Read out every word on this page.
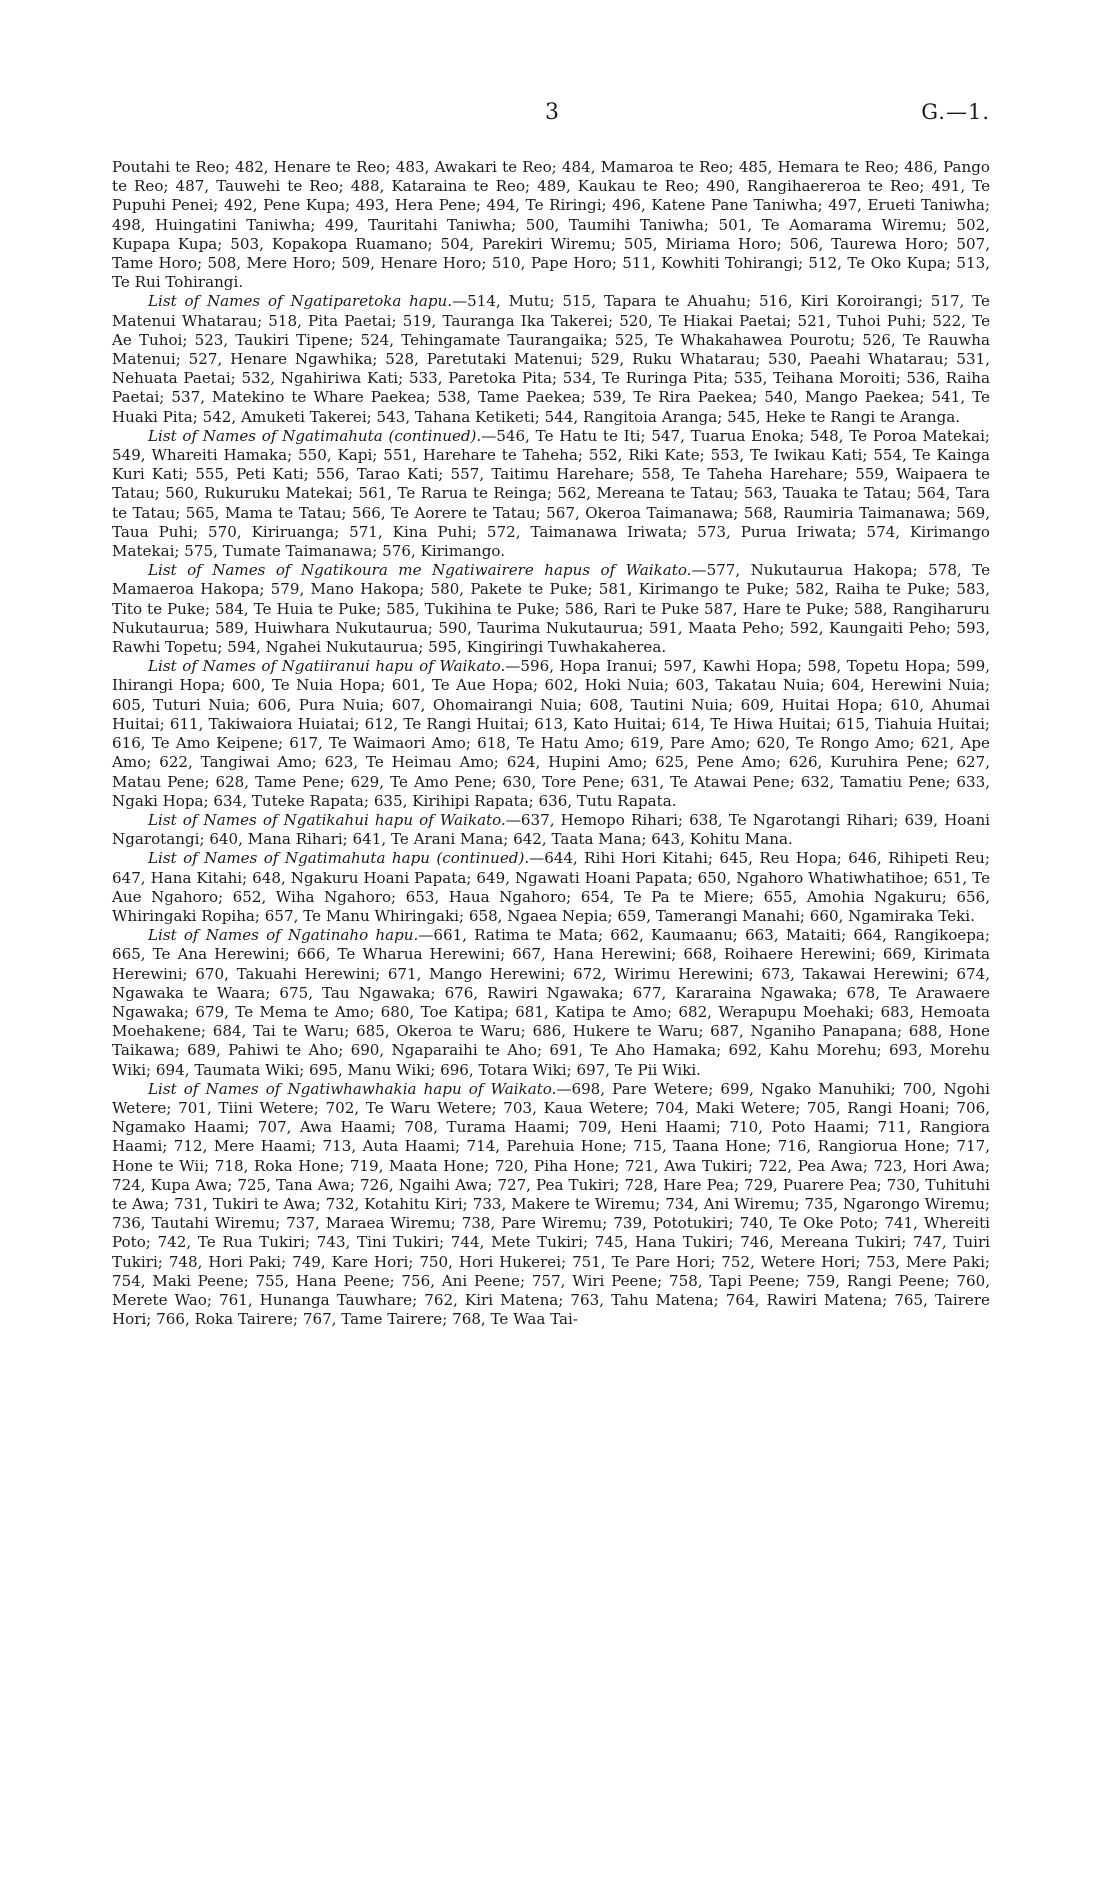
3	G.—1.

Poutahi te Reo; 482, Henare te Reo; 483, Awakari te Reo; 484, Mamaroa te Reo; 485, Hemara te Reo; 486, Pango te Reo; 487, Tauwehi te Reo; 488, Kataraina te Reo; 489, Kaukau te Reo; 490, Rangihaereroa te Reo; 491, Te Pupuhi Penei; 492, Pene Kupa; 493, Hera Pene; 494, Te Riringi; 496, Katene Pane Taniwha; 497, Erueti Taniwha; 498, Huingatini Taniwha; 499, Tauritahi Taniwha; 500, Taumihi Taniwha; 501, Te Aomarama Wiremu; 502, Kupapa Kupa; 503, Kopakopa Ruamano; 504, Parekiri Wiremu; 505, Miriama Horo; 506, Taurewa Horo; 507, Tame Horo; 508, Mere Horo; 509, Henare Horo; 510, Pape Horo; 511, Kowhiti Tohirangi; 512, Te Oko Kupa; 513, Te Rui Tohirangi.

List of Names of Ngatiparetoka hapu.—514, Mutu; 515, Tapara te Ahuahu; 516, Kiri Koroirangi; 517, Te Matenui Whatarau; 518, Pita Paetai; 519, Tauranga Ika Takerei; 520, Te Hiakai Paetai; 521, Tuhoi Puhi; 522, Te Ae Tuhoi; 523, Taukiri Tipene; 524, Tehingamate Taurangaika; 525, Te Whakahawea Pourotu; 526, Te Rauwha Matenui; 527, Henare Ngawhika; 528, Paretutaki Matenui; 529, Ruku Whatarau; 530, Paeahi Whatarau; 531, Nehuata Paetai; 532, Ngahiriwa Kati; 533, Paretoka Pita; 534, Te Ruringa Pita; 535, Teihana Moroiti; 536, Raiha Paetai; 537, Matekino te Whare Paekea; 538, Tame Paekea; 539, Te Rira Paekea; 540, Mango Paekea; 541, Te Huaki Pita; 542, Amuketi Takerei; 543, Tahana Ketiketi; 544, Rangitoia Aranga; 545, Heke te Rangi te Aranga.

List of Names of Ngatimahuta (continued).—546, Te Hatu te Iti; 547, Tuarua Enoka; 548, Te Poroa Matekai; 549, Whareiti Hamaka; 550, Kapi; 551, Harehare te Taheha; 552, Riki Kate; 553, Te Iwikau Kati; 554, Te Kainga Kuri Kati; 555, Peti Kati; 556, Tarao Kati; 557, Taitimu Harehare; 558, Te Taheha Harehare; 559, Waipaera te Tatau; 560, Rukuruku Matekai; 561, Te Rarua te Reinga; 562, Mereana te Tatau; 563, Tauaka te Tatau; 564, Tara te Tatau; 565, Mama te Tatau; 566, Te Aorere te Tatau; 567, Okeroa Taimanawa; 568, Raumiria Taimanawa; 569, Taua Puhi; 570, Kiriruanga; 571, Kina Puhi; 572, Taimanawa Iriwata; 573, Purua Iriwata; 574, Kirimango Matekai; 575, Tumate Taimanawa; 576, Kirimango.

List of Names of Ngatikoura me Ngatiwairere hapus of Waikato.—577, Nukutaurua Hakopa; 578, Te Mamaeroa Hakopa; 579, Mano Hakopa; 580, Pakete te Puke; 581, Kirimango te Puke; 582, Raiha te Puke; 583, Tito te Puke; 584, Te Huia te Puke; 585, Tukihina te Puke; 586, Rari te Puke 587, Hare te Puke; 588, Rangiharuru Nukutaurua; 589, Huiwhara Nukutaurua; 590, Taurima Nukutaurua; 591, Maata Peho; 592, Kaungaiti Peho; 593, Rawhi Topetu; 594, Ngahei Nukutaurua; 595, Kingiringi Tuwhakaherea.

List of Names of Ngatiiranui hapu of Waikato.—596, Hopa Iranui; 597, Kawhi Hopa; 598, Topetu Hopa; 599, Ihirangi Hopa; 600, Te Nuia Hopa; 601, Te Aue Hopa; 602, Hoki Nuia; 603, Takatau Nuia; 604, Herewini Nuia; 605, Tuturi Nuia; 606, Pura Nuia; 607, Ohomairangi Nuia; 608, Tautini Nuia; 609, Huitai Hopa; 610, Ahumai Huitai; 611, Takiwaiora Huiatai; 612, Te Rangi Huitai; 613, Kato Huitai; 614, Te Hiwa Huitai; 615, Tiahuia Huitai; 616, Te Amo Keipene; 617, Te Waimaori Amo; 618, Te Hatu Amo; 619, Pare Amo; 620, Te Rongo Amo; 621, Ape Amo; 622, Tangiwai Amo; 623, Te Heimau Amo; 624, Hupini Amo; 625, Pene Amo; 626, Kuruhira Pene; 627, Matau Pene; 628, Tame Pene; 629, Te Amo Pene; 630, Tore Pene; 631, Te Atawai Pene; 632, Tamatiu Pene; 633, Ngaki Hopa; 634, Tuteke Rapata; 635, Kirihipi Rapata; 636, Tutu Rapata.

List of Names of Ngatikahui hapu of Waikato.—637, Hemopo Rihari; 638, Te Ngarotangi Rihari; 639, Hoani Ngarotangi; 640, Mana Rihari; 641, Te Arani Mana; 642, Taata Mana; 643, Kohitu Mana.

List of Names of Ngatimahuta hapu (continued).—644, Rihi Hori Kitahi; 645, Reu Hopa; 646, Rihipeti Reu; 647, Hana Kitahi; 648, Ngakuru Hoani Papata; 649, Ngawati Hoani Papata; 650, Ngahoro Whatiwhatihoe; 651, Te Aue Ngahoro; 652, Wiha Ngahoro; 653, Haua Ngahoro; 654, Te Pa te Miere; 655, Amohia Ngakuru; 656, Whiringaki Ropiha; 657, Te Manu Whiringaki; 658, Ngaea Nepia; 659, Tamerangi Manahi; 660, Ngamiraka Teki.

List of Names of Ngatinaho hapu.—661, Ratima te Mata; 662, Kaumaanu; 663, Mataiti; 664, Rangikoepa; 665, Te Ana Herewini; 666, Te Wharua Herewini; 667, Hana Herewini; 668, Roihaere Herewini; 669, Kirimata Herewini; 670, Takuahi Herewini; 671, Mango Herewini; 672, Wirimu Herewini; 673, Takawai Herewini; 674, Ngawaka te Waara; 675, Tau Ngawaka; 676, Rawiri Ngawaka; 677, Kararaina Ngawaka; 678, Te Arawaere Ngawaka; 679, Te Mema te Amo; 680, Toe Katipa; 681, Katipa te Amo; 682, Werapupu Moehaki; 683, Hemoata Moehakene; 684, Tai te Waru; 685, Okeroa te Waru; 686, Hukere te Waru; 687, Nganiho Panapana; 688, Hone Taikawa; 689, Pahiwi te Aho; 690, Ngaparaihi te Aho; 691, Te Aho Hamaka; 692, Kahu Morehu; 693, Morehu Wiki; 694, Taumata Wiki; 695, Manu Wiki; 696, Totara Wiki; 697, Te Pii Wiki.

List of Names of Ngatiwhawhakia hapu of Waikato.—698, Pare Wetere; 699, Ngako Manuhiki; 700, Ngohi Wetere; 701, Tiini Wetere; 702, Te Waru Wetere; 703, Kaua Wetere; 704, Maki Wetere; 705, Rangi Hoani; 706, Ngamako Haami; 707, Awa Haami; 708, Turama Haami; 709, Heni Haami; 710, Poto Haami; 711, Rangiora Haami; 712, Mere Haami; 713, Auta Haami; 714, Parehuia Hone; 715, Taana Hone; 716, Rangiorua Hone; 717, Hone te Wii; 718, Roka Hone; 719, Maata Hone; 720, Piha Hone; 721, Awa Tukiri; 722, Pea Awa; 723, Hori Awa; 724, Kupa Awa; 725, Tana Awa; 726, Ngaihi Awa; 727, Pea Tukiri; 728, Hare Pea; 729, Puarere Pea; 730, Tuhituhi te Awa; 731, Tukiri te Awa; 732, Kotahitu Kiri; 733, Makere te Wiremu; 734, Ani Wiremu; 735, Ngarongo Wiremu; 736, Tautahi Wiremu; 737, Maraea Wiremu; 738, Pare Wiremu; 739, Pototukiri; 740, Te Oke Poto; 741, Whereiti Poto; 742, Te Rua Tukiri; 743, Tini Tukiri; 744, Mete Tukiri; 745, Hana Tukiri; 746, Mereana Tukiri; 747, Tuiri Tukiri; 748, Hori Paki; 749, Kare Hori; 750, Hori Hukerei; 751, Te Pare Hori; 752, Wetere Hori; 753, Mere Paki; 754, Maki Peene; 755, Hana Peene; 756, Ani Peene; 757, Wiri Peene; 758, Tapi Peene; 759, Rangi Peene; 760, Merete Wao; 761, Hunanga Tauwhare; 762, Kiri Matena; 763, Tahu Matena; 764, Rawiri Matena; 765, Tairere Hori; 766, Roka Tairere; 767, Tame Tairere; 768, Te Waa Tai-
